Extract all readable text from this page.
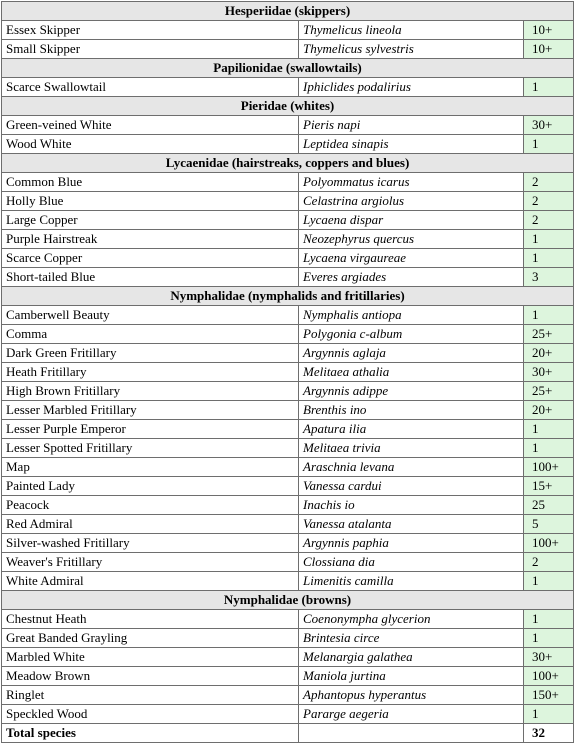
Hesperiidae (skippers)		
Essex Skipper	Thymelicus lineola	10+
Small Skipper	Thymelicus sylvestris	10+
Papilionidae (swallowtails)		
Scarce Swallowtail	Iphiclides podalirius	1
Pieridae (whites)		
Green-veined White	Pieris napi	30+
Wood White	Leptidea sinapis	1
Lycaenidae (hairstreaks, coppers and blues)		
Common Blue	Polyommatus icarus	2
Holly Blue	Celastrina argiolus	2
Large Copper	Lycaena dispar	2
Purple Hairstreak	Neozephyrus quercus	1
Scarce Copper	Lycaena virgaureae	1
Short-tailed Blue	Everes argiades	3
Nymphalidae (nymphalids and fritillaries)		
Camberwell Beauty	Nymphalis antiopa	1
Comma	Polygonia c-album	25+
Dark Green Fritillary	Argynnis aglaja	20+
Heath Fritillary	Melitaea athalia	30+
High Brown Fritillary	Argynnis adippe	25+
Lesser Marbled Fritillary	Brenthis ino	20+
Lesser Purple Emperor	Apatura ilia	1
Lesser Spotted Fritillary	Melitaea trivia	1
Map	Araschnia levana	100+
Painted Lady	Vanessa cardui	15+
Peacock	Inachis io	25
Red Admiral	Vanessa atalanta	5
Silver-washed Fritillary	Argynnis paphia	100+
Weaver's Fritillary	Clossiana dia	2
White Admiral	Limenitis camilla	1
Nymphalidae (browns)		
Chestnut Heath	Coenonympha glycerion	1
Great Banded Grayling	Brintesia circe	1
Marbled White	Melanargia galathea	30+
Meadow Brown	Maniola jurtina	100+
Ringlet	Aphantopus hyperantus	150+
Speckled Wood	Pararge aegeria	1
Total species		32
